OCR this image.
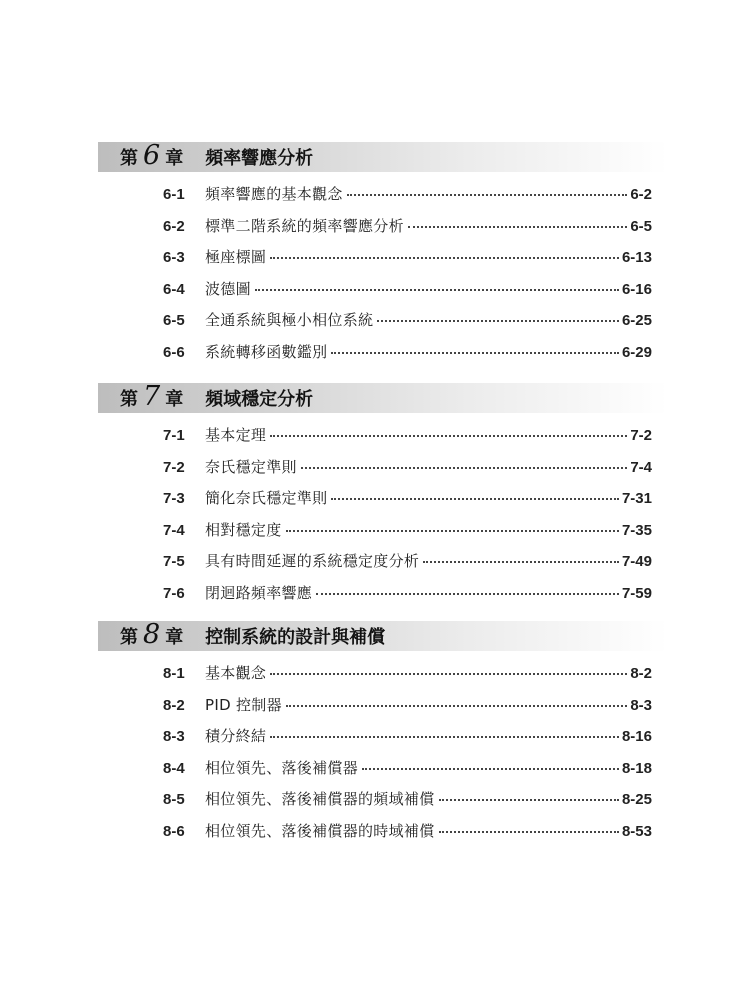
第 6 章 頻率響應分析
6-1	頻率響應的基本觀念	6-2
6-2	標準二階系統的頻率響應分析	6-5
6-3	極座標圖	6-13
6-4	波德圖	6-16
6-5	全通系統與極小相位系統	6-25
6-6	系統轉移函數鑑別	6-29
第 7 章 頻域穩定分析
7-1	基本定理	7-2
7-2	奈氏穩定準則	7-4
7-3	簡化奈氏穩定準則	7-31
7-4	相對穩定度	7-35
7-5	具有時間延遲的系統穩定度分析	7-49
7-6	閉迴路頻率響應	7-59
第 8 章 控制系統的設計與補償
8-1	基本觀念	8-2
8-2	PID 控制器	8-3
8-3	積分終結	8-16
8-4	相位領先、落後補償器	8-18
8-5	相位領先、落後補償器的頻域補償	8-25
8-6	相位領先、落後補償器的時域補償	8-53
